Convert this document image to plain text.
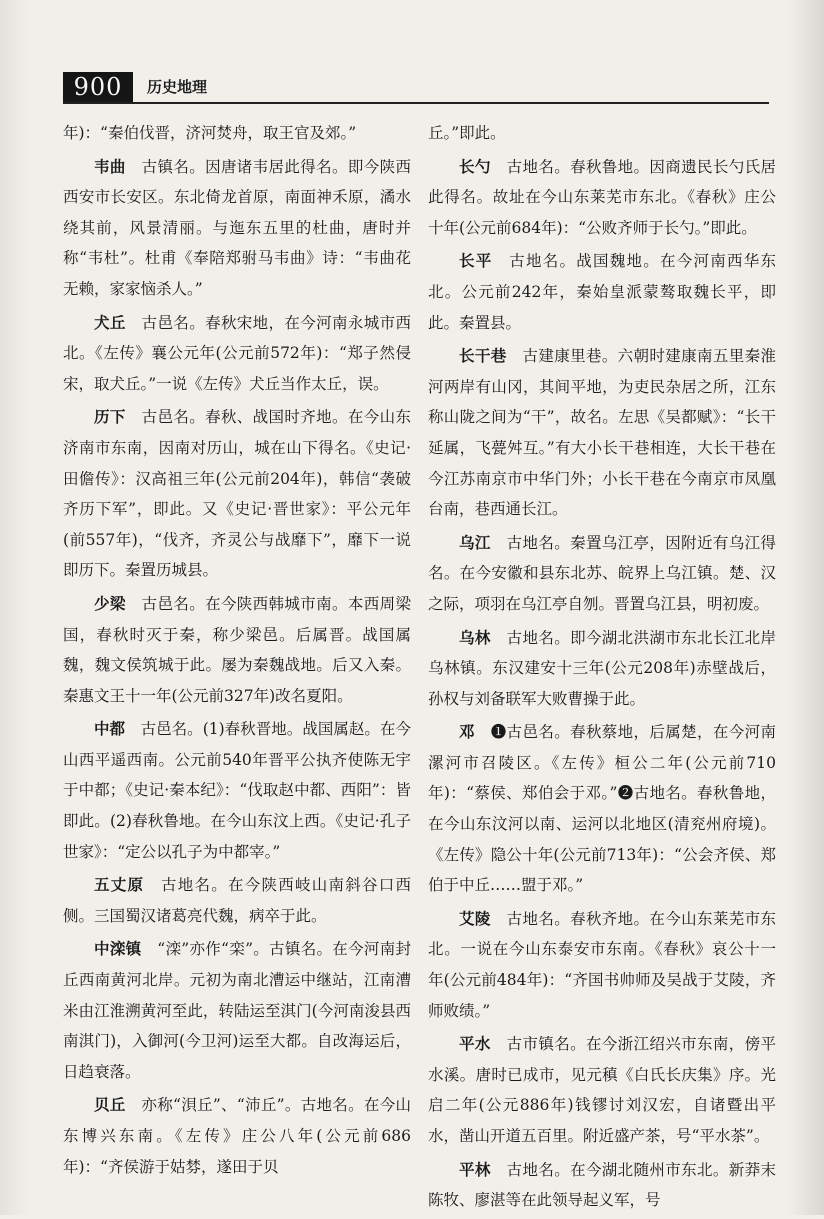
900	历史地理
年)：“秦伯伐晋，济河焚舟，取王官及郊。”
韦曲　 古镇名。因唐诸韦居此得名。即今陕西西安市长安区。东北倚龙首原，南面神禾原，潏水绕其前，风景清丽。与迤东五里的杜曲，唐时并称“韦杜”。杜甫《奉陪郑驸马韦曲》诗：“韦曲花无赖，家家恼杀人。”
犬丘　 古邑名。春秋宋地，在今河南永城市西北。《左传》襄公元年(公元前572年)：“郑子然侵宋，取犬丘。”一说《左传》犬丘当作太丘，误。
历下　 古邑名。春秋、战国时齐地。在今山东济南市东南，因南对历山，城在山下得名。《史记·田儋传》：汉高祖三年(公元前204年)，韩信“袭破齐历下军”，即此。又《史记·晋世家》：平公元年(前557年)，“伐齐，齐灵公与战靡下”，靡下一说即历下。秦置历城县。
少梁　 古邑名。在今陕西韩城市南。本西周梁国，春秋时灭于秦，称少梁邑。后属晋。战国属魏，魏文侯筑城于此。屡为秦魏战地。后又入秦。秦惠文王十一年(公元前327年)改名夏阳。
中都　 古邑名。(1)春秋晋地。战国属赵。在今山西平遥西南。公元前540年晋平公执齐使陈无宇于中都；《史记·秦本纪》：“伐取赵中都、西阳”：皆即此。(2)春秋鲁地。在今山东汶上西。《史记·孔子世家》：“定公以孔子为中都宰。”
五丈原　 古地名。在今陕西岐山南斜谷口西侧。三国蜀汉诸葛亮代魏，病卒于此。
中滦镇　 “滦”亦作“栾”。古镇名。在今河南封丘西南黄河北岸。元初为南北漕运中继站，江南漕米由江淮溯黄河至此，转陆运至淇门(今河南浚县西南淇门)，入御河(今卫河)运至大都。自改海运后，日趋衰落。
贝丘　 亦称“浿丘”、“沛丘”。古地名。在今山东博兴东南。《左传》庄公八年(公元前686年)：“齐侯游于姑棼，遂田于贝
丘。”即此。
长勺　 古地名。春秋鲁地。因商遗民长勺氏居此得名。故址在今山东莱芜市东北。《春秋》庄公十年(公元前684年)：“公败齐师于长勺。”即此。
长平　 古地名。战国魏地。在今河南西华东北。公元前242年，秦始皇派蒙骜取魏长平，即此。秦置县。
长干巷　 古建康里巷。六朝时建康南五里秦淮河两岸有山冈，其间平地，为吏民杂居之所，江东称山陇之间为“干”，故名。左思《吴都赋》：“长干延属，飞甍舛互。”有大小长干巷相连，大长干巷在今江苏南京市中华门外；小长干巷在今南京市凤凰台南，巷西通长江。
乌江　 古地名。秦置乌江亭，因附近有乌江得名。在今安徽和县东北苏、皖界上乌江镇。楚、汉之际，项羽在乌江亭自刎。晋置乌江县，明初废。
乌林　 古地名。即今湖北洪湖市东北长江北岸乌林镇。东汉建安十三年(公元208年)赤壁战后，孙权与刘备联军大败曹操于此。
邓　 ❶古邑名。春秋蔡地，后属楚，在今河南漯河市召陵区。《左传》桓公二年(公元前710年)：“蔡侯、郑伯会于邓。”❷古地名。春秋鲁地，在今山东汶河以南、运河以北地区(清兖州府境)。《左传》隐公十年(公元前713年)：“公会齐侯、郑伯于中丘……盟于邓。”
艾陵　 古地名。春秋齐地。在今山东莱芜市东北。一说在今山东泰安市东南。《春秋》哀公十一年(公元前484年)：“齐国书帅师及吴战于艾陵，齐师败绩。”
平水　 古市镇名。在今浙江绍兴市东南，傍平水溪。唐时已成市，见元稹《白氏长庆集》序。光启二年(公元886年)钱镠讨刘汉宏，自诸暨出平水，凿山开道五百里。附近盛产茶，号“平水茶”。
平林　 古地名。在今湖北随州市东北。新莽末陈牧、廖湛等在此领导起义军，号
